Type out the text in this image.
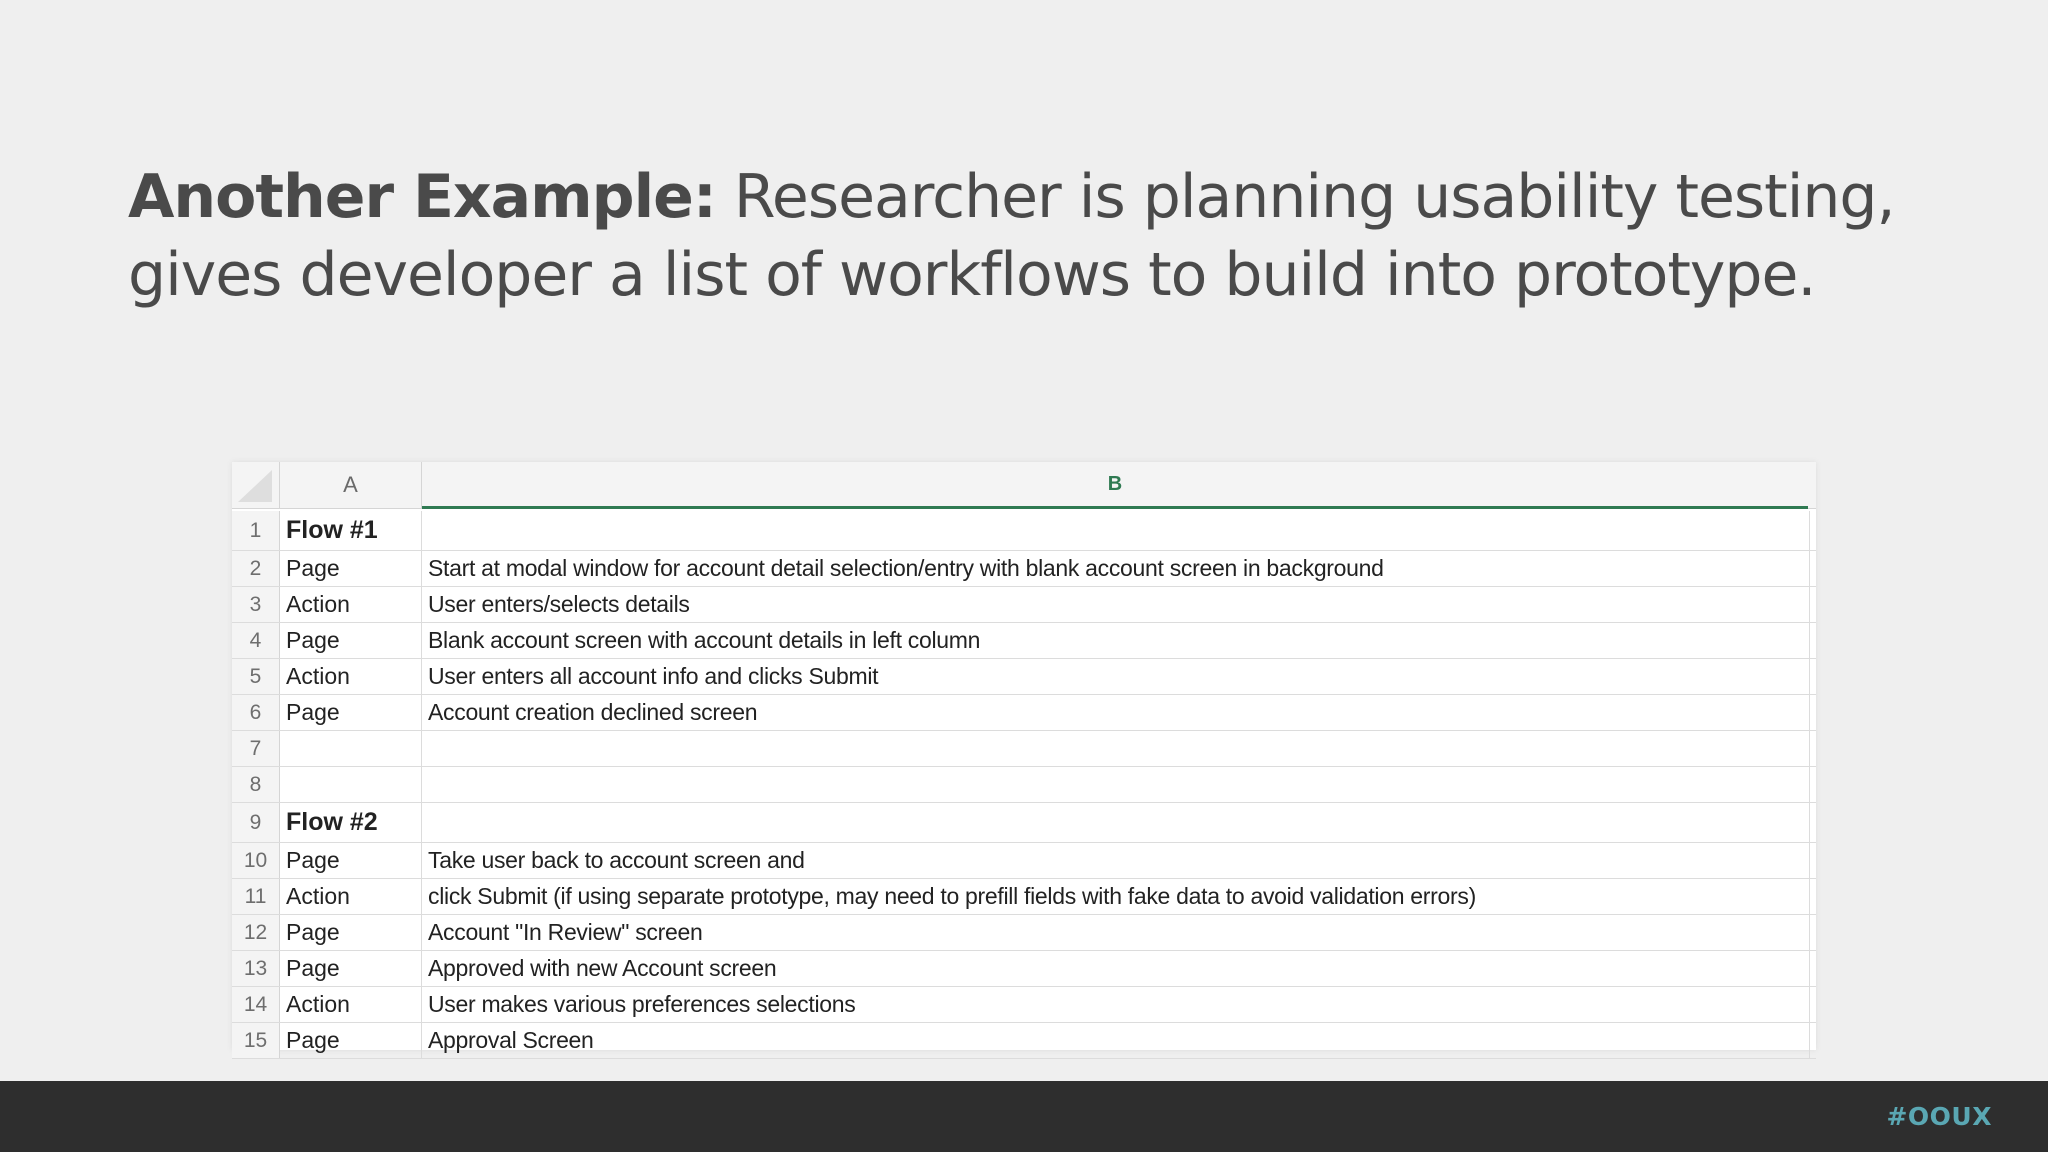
Another Example: Researcher is planning usability testing, gives developer a list of workflows to build into prototype.
A	B
1 Flow #1
2	Page	Start at modal window for account detail selection/entry with blank account screen in background
3	Action	User enters/selects details
4	Page	Blank account screen with account details in left column
5	Action	User enters all account info and clicks Submit
6	Page	Account creation declined screen
7
8
9 Flow #2
10 Page	Take user back to account screen and
11 Action	click Submit (if using separate prototype, may need to prefill fields with fake data to avoid validation errors)
12 Page	Account "In Review" screen
13 Page	Approved with new Account screen
14 Action	User makes various preferences selections
15 Page	Approval Screen
#OOUX
